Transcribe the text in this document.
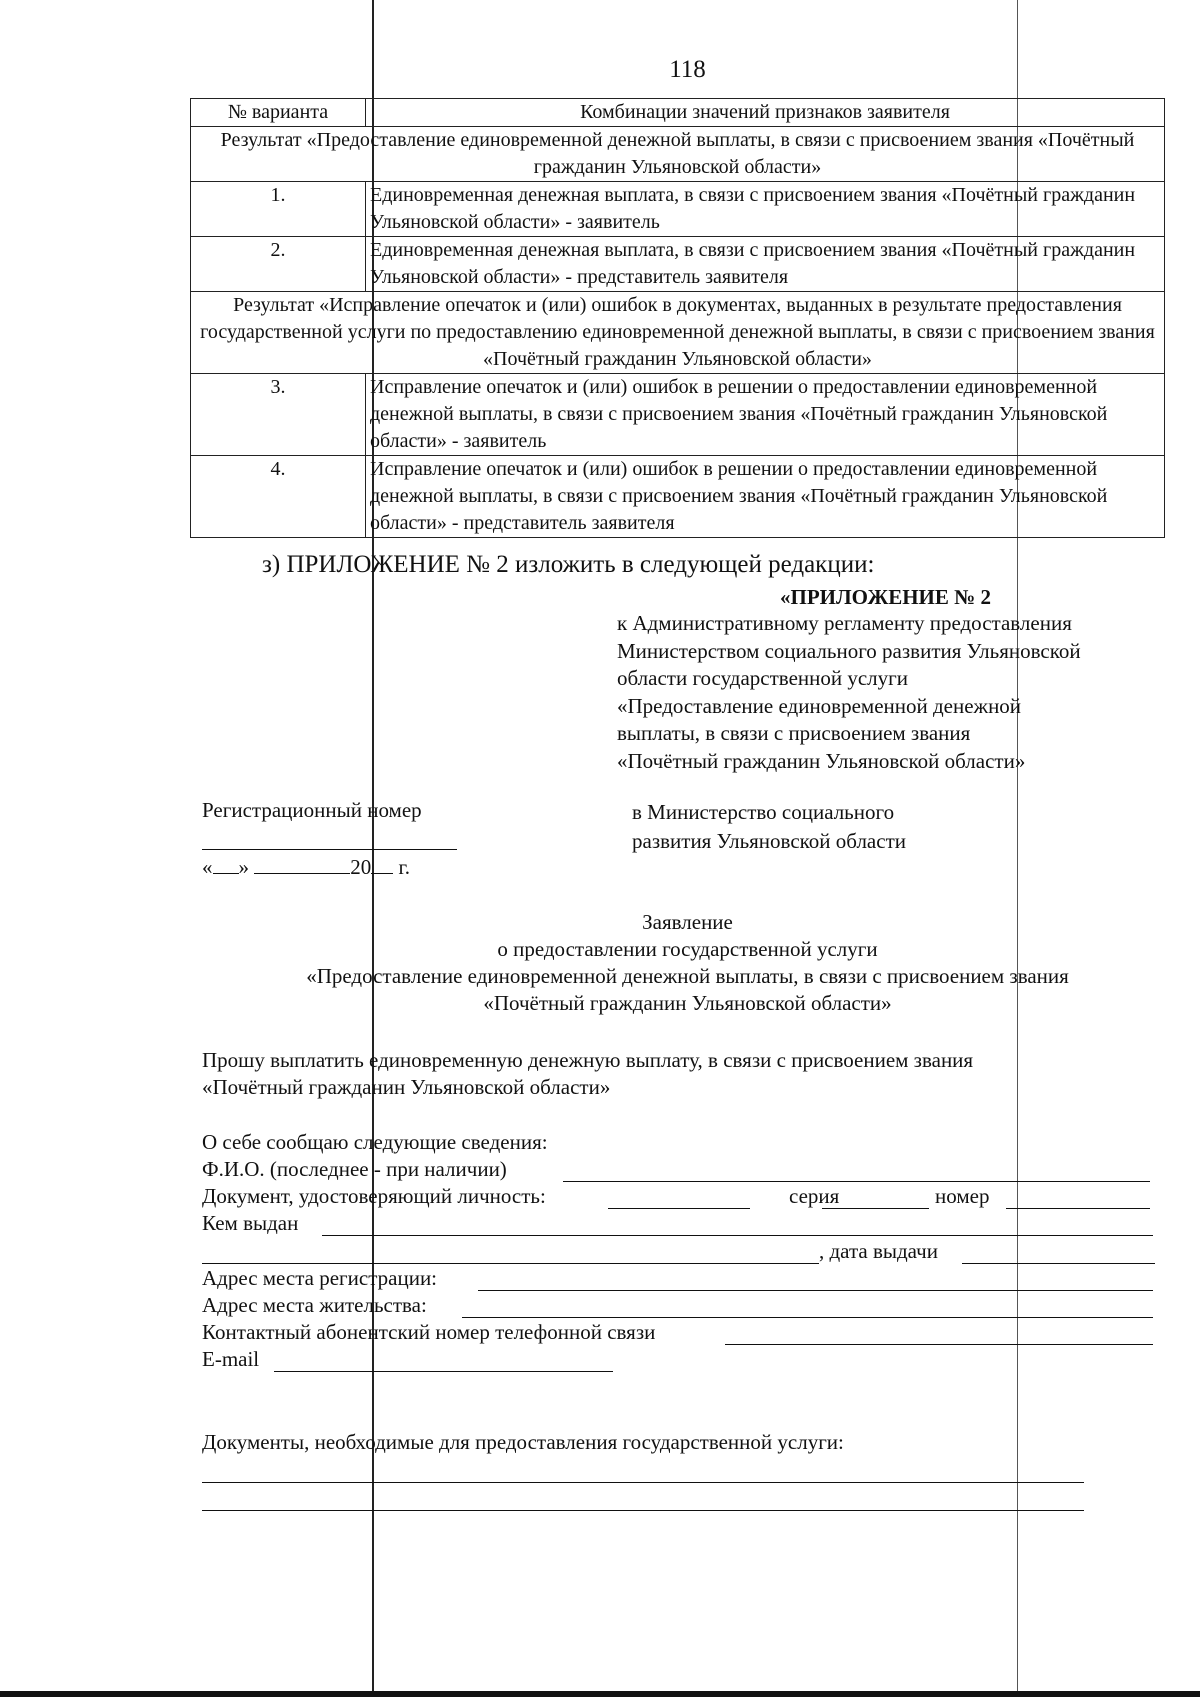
118
№ варианта	Комбинации значений признаков заявителя
Результат «Предоставление единовременной денежной выплаты, в связи с присвоением звания «Почётный гражданин Ульяновской области»	
1.	Единовременная денежная выплата, в связи с присвоением звания «Почётный гражданин Ульяновской области» - заявитель
2.	Единовременная денежная выплата, в связи с присвоением звания «Почётный гражданин Ульяновской области» - представитель заявителя
Результат «Исправление опечаток и (или) ошибок в документах, выданных в результате предоставления государственной услуги по предоставлению единовременной денежной выплаты, в связи с присвоением звания «Почётный гражданин Ульяновской области»	
3.	Исправление опечаток и (или) ошибок в решении о предоставлении единовременной денежной выплаты, в связи с присвоением звания «Почётный гражданин Ульяновской области» - заявитель
4.	Исправление опечаток и (или) ошибок в решении о предоставлении единовременной денежной выплаты, в связи с присвоением звания «Почётный гражданин Ульяновской области» - представитель заявителя
з) ПРИЛОЖЕНИЕ № 2 изложить в следующей редакции:
«ПРИЛОЖЕНИЕ № 2
к Административному регламенту предоставления
Министерством социального развития Ульяновской
области государственной услуги
«Предоставление единовременной денежной
выплаты, в связи с присвоением звания
«Почётный гражданин Ульяновской области»
Регистрационный номер
« »	20 г.
в Министерство социального
развития Ульяновской области
Заявление
о предоставлении государственной услуги
«Предоставление единовременной денежной выплаты, в связи с присвоением звания
«Почётный гражданин Ульяновской области»
Прошу выплатить единовременную денежную выплату, в связи с присвоением звания
«Почётный гражданин Ульяновской области»
О себе сообщаю следующие сведения:
Ф.И.О. (последнее - при наличии)
Документ, удостоверяющий личность:	серия	номер
Кем выдан
, дата выдачи
Адрес места регистрации:
Адрес места жительства:
Контактный абонентский номер телефонной связи
E-mail
Документы, необходимые для предоставления государственной услуги:
